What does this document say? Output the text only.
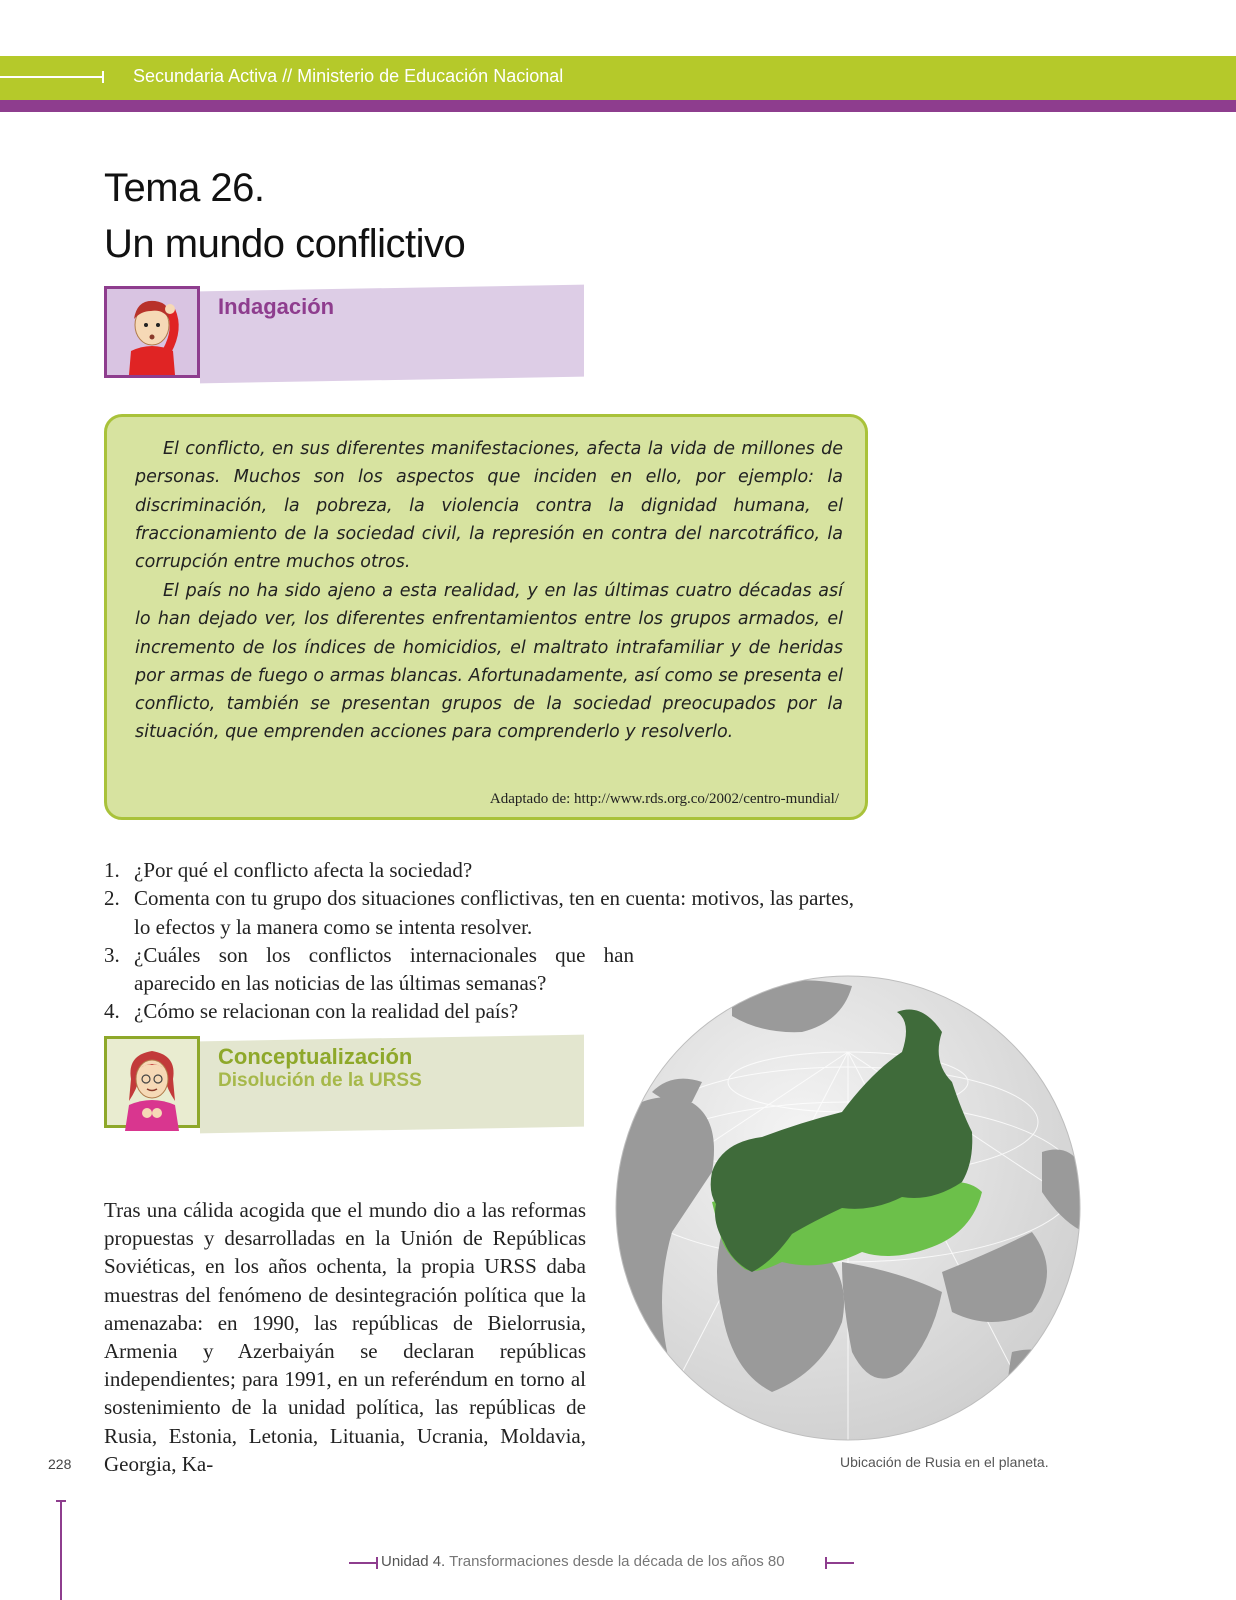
Secundaria Activa // Ministerio de Educación Nacional
Tema 26.
Un mundo conflictivo
Indagación

El conflicto, en sus diferentes manifestaciones, afecta la vida de millones de personas. Muchos son los aspectos que inciden en ello, por ejemplo: la discriminación, la pobreza, la violencia contra la dignidad humana, el fraccionamiento de la sociedad civil, la represión en contra del narcotráfico, la corrupción entre muchos otros.

El país no ha sido ajeno a esta realidad, y en las últimas cuatro décadas así lo han dejado ver, los diferentes enfrentamientos entre los grupos armados, el incremento de los índices de homicidios, el maltrato intrafamiliar y de heridas por armas de fuego o armas blancas. Afortunadamente, así como se presenta el conflicto, también se presentan grupos de la sociedad preocupados por la situación, que emprenden acciones para comprenderlo y resolverlo.

Adaptado de: http://www.rds.org.co/2002/centro-mundial/
1. ¿Por qué el conflicto afecta la sociedad?
2. Comenta con tu grupo dos situaciones conflictivas, ten en cuenta: motivos, las partes, lo efectos y la manera como se intenta resolver.
3. ¿Cuáles son los conflictos internacionales que han aparecido en las noticias de las últimas semanas?
4. ¿Cómo se relacionan con la realidad del país?
Conceptualización
Disolución de la URSS

Tras una cálida acogida que el mundo dio a las reformas propuestas y desarrolladas en la Unión de Repúblicas Soviéticas, en los años ochenta, la propia URSS daba muestras del fenómeno de desintegración política que la amenazaba: en 1990, las repúblicas de Bielorrusia, Armenia y Azerbaiyán se declaran repúblicas independientes; para 1991, en un referéndum en torno al sostenimiento de la unidad política, las repúblicas de Rusia, Estonia, Letonia, Lituania, Ucrania, Moldavia, Georgia, Ka-	Ubicación de Rusia en el planeta.
228
Unidad 4. Transformaciones desde la década de los años 80
